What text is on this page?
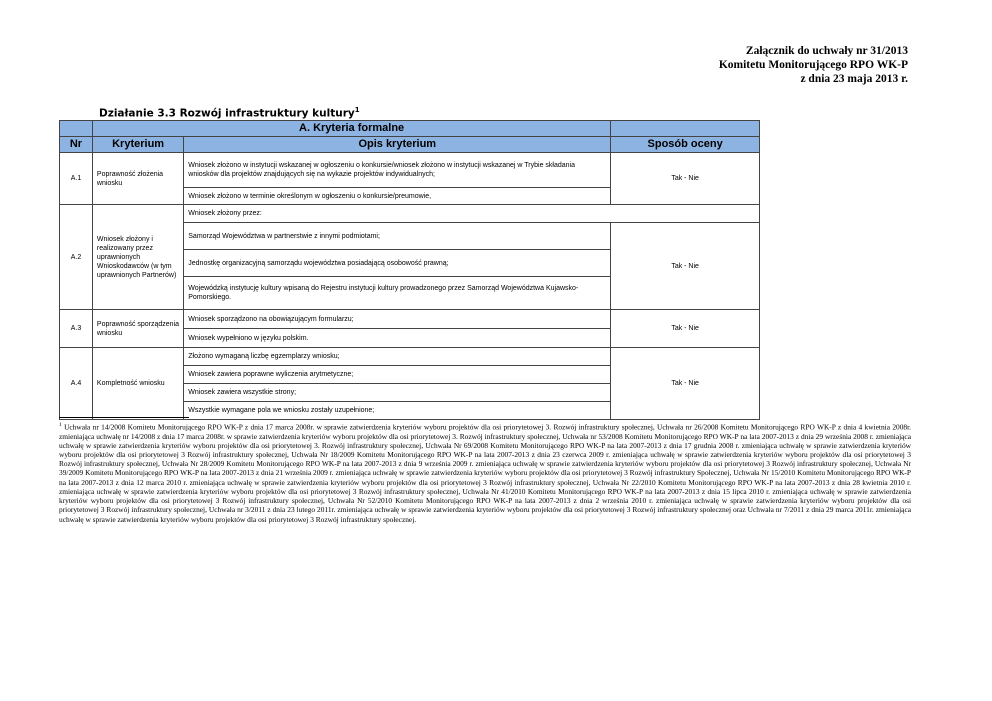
Załącznik do uchwały nr 31/2013
Komitetu Monitorującego RPO WK-P
z dnia 23 maja 2013 r.
Działanie 3.3 Rozwój infrastruktury kultury$^1$
	A. Kryteria formalne		
Nr	Kryterium	Opis kryterium	Sposób oceny
A.1	Poprawność złożenia wniosku	Wniosek złożono w instytucji wskazanej w ogłoszeniu o konkursie/wniosek złożono w instytucji wskazanej w Trybie składania wniosków dla projektów znajdujących się na wykazie projektów indywidualnych;	Tak - Nie
		Wniosek złożono w terminie określonym w ogłoszeniu o konkursie/preumowie,	
A.2	Wniosek złożony i realizowany przez uprawnionych Wnioskodawców (w tym uprawnionych Partnerów)	Wniosek złożony przez:	
		Samorząd Województwa w partnerstwie z innymi podmiotami;	Tak - Nie
		Jednostkę organizacyjną samorządu województwa posiadającą osobowość prawną;	
		Wojewódzką instytucję kultury wpisaną do Rejestru instytucji kultury prowadzonego przez Samorząd Województwa Kujawsko-Pomorskiego.	
A.3	Poprawność sporządzenia wniosku	Wniosek sporządzono na obowiązującym formularzu;	Tak - Nie
		Wniosek wypełniono w języku polskim.	
A.4	Kompletność wniosku	Złożono wymaganą liczbę egzemplarzy wniosku;	Tak - Nie
		Wniosek zawiera poprawne wyliczenia arytmetyczne;	
		Wniosek zawiera wszystkie strony;	
		Wszystkie wymagane pola we wniosku zostały uzupełnione;	
$^1$ Uchwała nr 14/2008 Komitetu Monitorującego RPO WK-P z dnia 17 marca 2008r. w sprawie zatwierdzenia kryteriów wyboru projektów dla osi priorytetowej 3. Rozwój infrastruktury społecznej, Uchwała nr 26/2008 Komitetu Monitorującego RPO WK-P z dnia 4 kwietnia 2008r. zmieniająca uchwałę nr 14/2008 z dnia 17 marca 2008r. w sprawie zatwierdzenia kryteriów wyboru projektów dla osi priorytetowej 3. Rozwój infrastruktury społecznej, Uchwała nr 53/2008 Komitetu Monitorującego RPO WK-P na lata 2007-2013 z dnia 29 września 2008 r. zmieniająca uchwałę w sprawie zatwierdzenia kryteriów wyboru projektów dla osi priorytetowej 3. Rozwój infrastruktury społecznej, Uchwała Nr 69/2008 Komitetu Monitorującego RPO WK-P na lata 2007-2013 z dnia 17 grudnia 2008 r. zmieniająca uchwałę w sprawie zatwierdzenia kryteriów wyboru projektów dla osi priorytetowej 3 Rozwój infrastruktury społecznej, Uchwała Nr 18/2009 Komitetu Monitorującego RPO WK-P na lata 2007-2013 z dnia 23 czerwca 2009 r. zmieniająca uchwałę w sprawie zatwierdzenia kryteriów wyboru projektów dla osi priorytetowej 3 Rozwój infrastruktury społecznej, Uchwała Nr 28/2009 Komitetu Monitorującego RPO WK-P na lata 2007-2013 z dnia 9 września 2009 r. zmieniająca uchwałę w sprawie zatwierdzenia kryteriów wyboru projektów dla osi priorytetowej 3 Rozwój infrastruktury społecznej, Uchwała Nr 39/2009 Komitetu Monitorującego RPO WK-P na lata 2007-2013 z dnia 21 września 2009 r. zmieniająca uchwałę w sprawie zatwierdzenia kryteriów wyboru projektów dla osi priorytetowej 3 Rozwój infrastruktury Społecznej, Uchwała Nr 15/2010 Komitetu Monitorującego RPO WK-P na lata 2007-2013 z dnia 12 marca 2010 r. zmieniająca uchwałę w sprawie zatwierdzenia kryteriów wyboru projektów dla osi priorytetowej 3 Rozwój infrastruktury społecznej, Uchwała Nr 22/2010 Komitetu Monitorującego RPO WK-P na lata 2007-2013 z dnia 28 kwietnia 2010 r. zmieniająca uchwałę w sprawie zatwierdzenia kryteriów wyboru projektów dla osi priorytetowej 3 Rozwój infrastruktury społecznej, Uchwała Nr 41/2010 Komitetu Monitorującego RPO WK-P na lata 2007-2013 z dnia 15 lipca 2010 r. zmieniająca uchwałę w sprawie zatwierdzenia kryteriów wyboru projektów dla osi priorytetowej 3 Rozwój infrastruktury społecznej, Uchwała Nr 52/2010 Komitetu Monitorującego RPO WK-P na lata 2007-2013 z dnia 2 września 2010 r. zmieniająca uchwałę w sprawie zatwierdzenia kryteriów wyboru projektów dla osi priorytetowej 3 Rozwój infrastruktury społecznej, Uchwała nr 3/2011 z dnia 23 lutego 2011r. zmieniająca uchwałę w sprawie zatwierdzenia kryteriów wyboru projektów dla osi priorytetowej 3 Rozwój infrastruktury społecznej oraz Uchwała nr 7/2011 z dnia 29 marca 2011r. zmieniająca uchwałę w sprawie zatwierdzenia kryteriów wyboru projektów dla osi priorytetowej 3 Rozwój infrastruktury społecznej.
